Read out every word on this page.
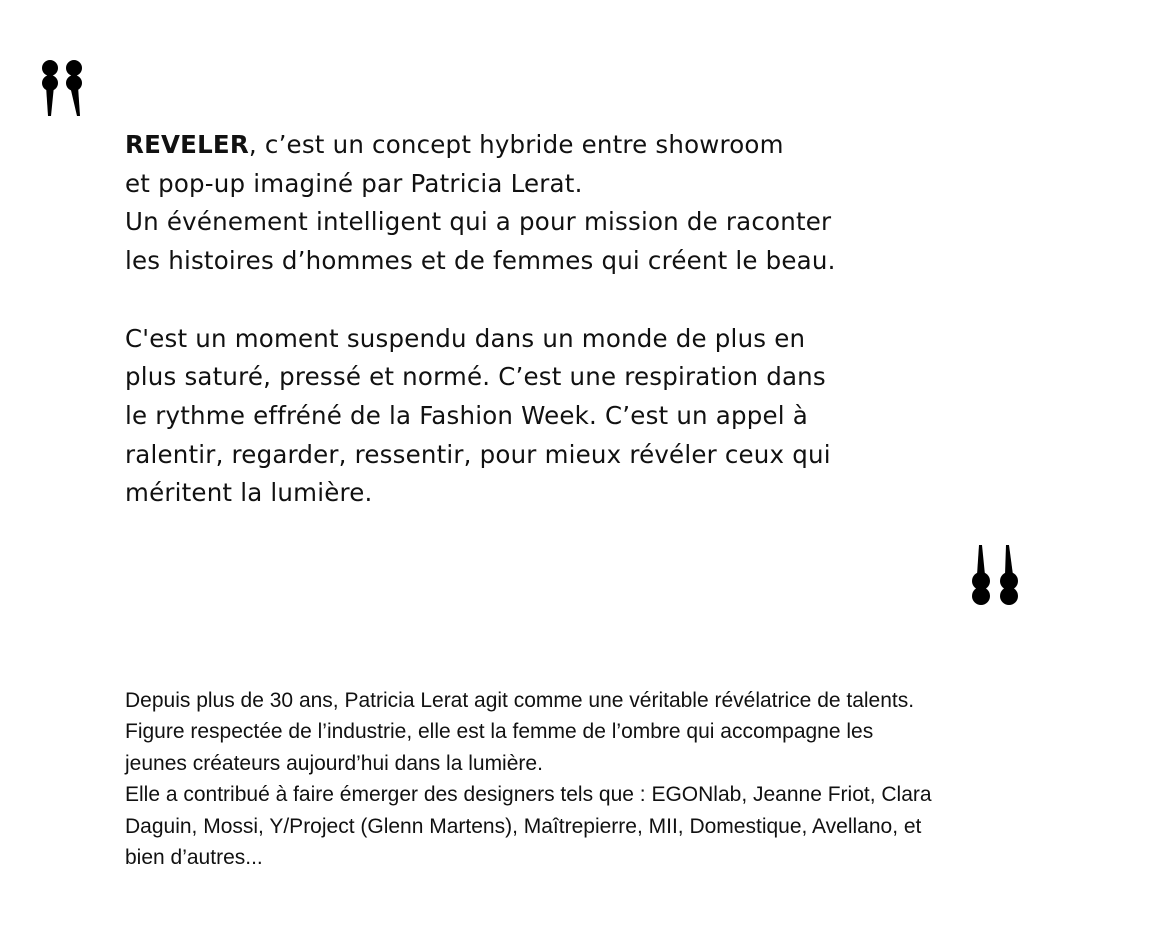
REVELER, c’est un concept hybride entre showroom
et pop-up imaginé par Patricia Lerat.
Un événement intelligent qui a pour mission de raconter
les histoires d’hommes et de femmes qui créent le beau.

C'est un moment suspendu dans un monde de plus en
plus saturé, pressé et normé. C’est une respiration dans
le rythme effréné de la Fashion Week. C’est un appel à
ralentir, regarder, ressentir, pour mieux révéler ceux qui
méritent la lumière.

Depuis plus de 30 ans, Patricia Lerat agit comme une véritable révélatrice de talents.
Figure respectée de l’industrie, elle est la femme de l’ombre qui accompagne les
jeunes créateurs aujourd’hui dans la lumière.
Elle a contribué à faire émerger des designers tels que : EGONlab, Jeanne Friot, Clara
Daguin, Mossi, Y/Project (Glenn Martens), Maîtrepierre, MII, Domestique, Avellano, et
bien d’autres...
